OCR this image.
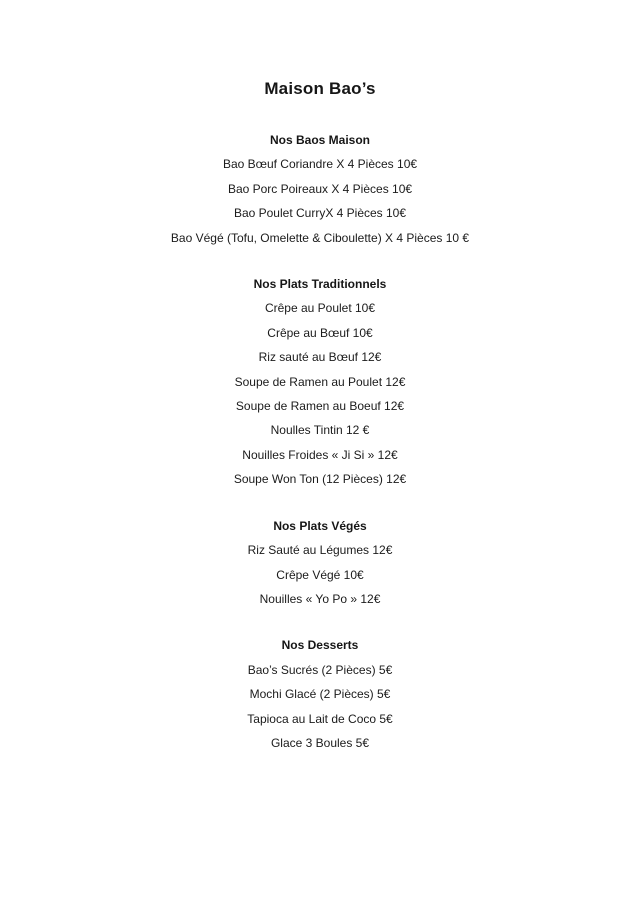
Maison Bao’s
Nos Baos Maison

Bao Bœuf Coriandre X 4 Pièces 10€

Bao Porc Poireaux X 4 Pièces 10€

Bao Poulet CurryX 4 Pièces 10€

Bao Végé (Tofu, Omelette & Ciboulette) X 4 Pièces 10 €

Nos Plats Traditionnels

Crêpe au Poulet 10€

Crêpe au Bœuf 10€

Riz sauté au Bœuf 12€

Soupe de Ramen au Poulet 12€

Soupe de Ramen au Boeuf 12€

Noulles Tintin 12 €

Nouilles Froides « Ji Si » 12€

Soupe Won Ton (12 Pièces) 12€

Nos Plats Végés

Riz Sauté au Légumes 12€

Crêpe Végé 10€

Nouilles « Yo Po » 12€

Nos Desserts

Bao’s Sucrés (2 Pièces) 5€

Mochi Glacé (2 Pièces) 5€

Tapioca au Lait de Coco 5€

Glace 3 Boules 5€
